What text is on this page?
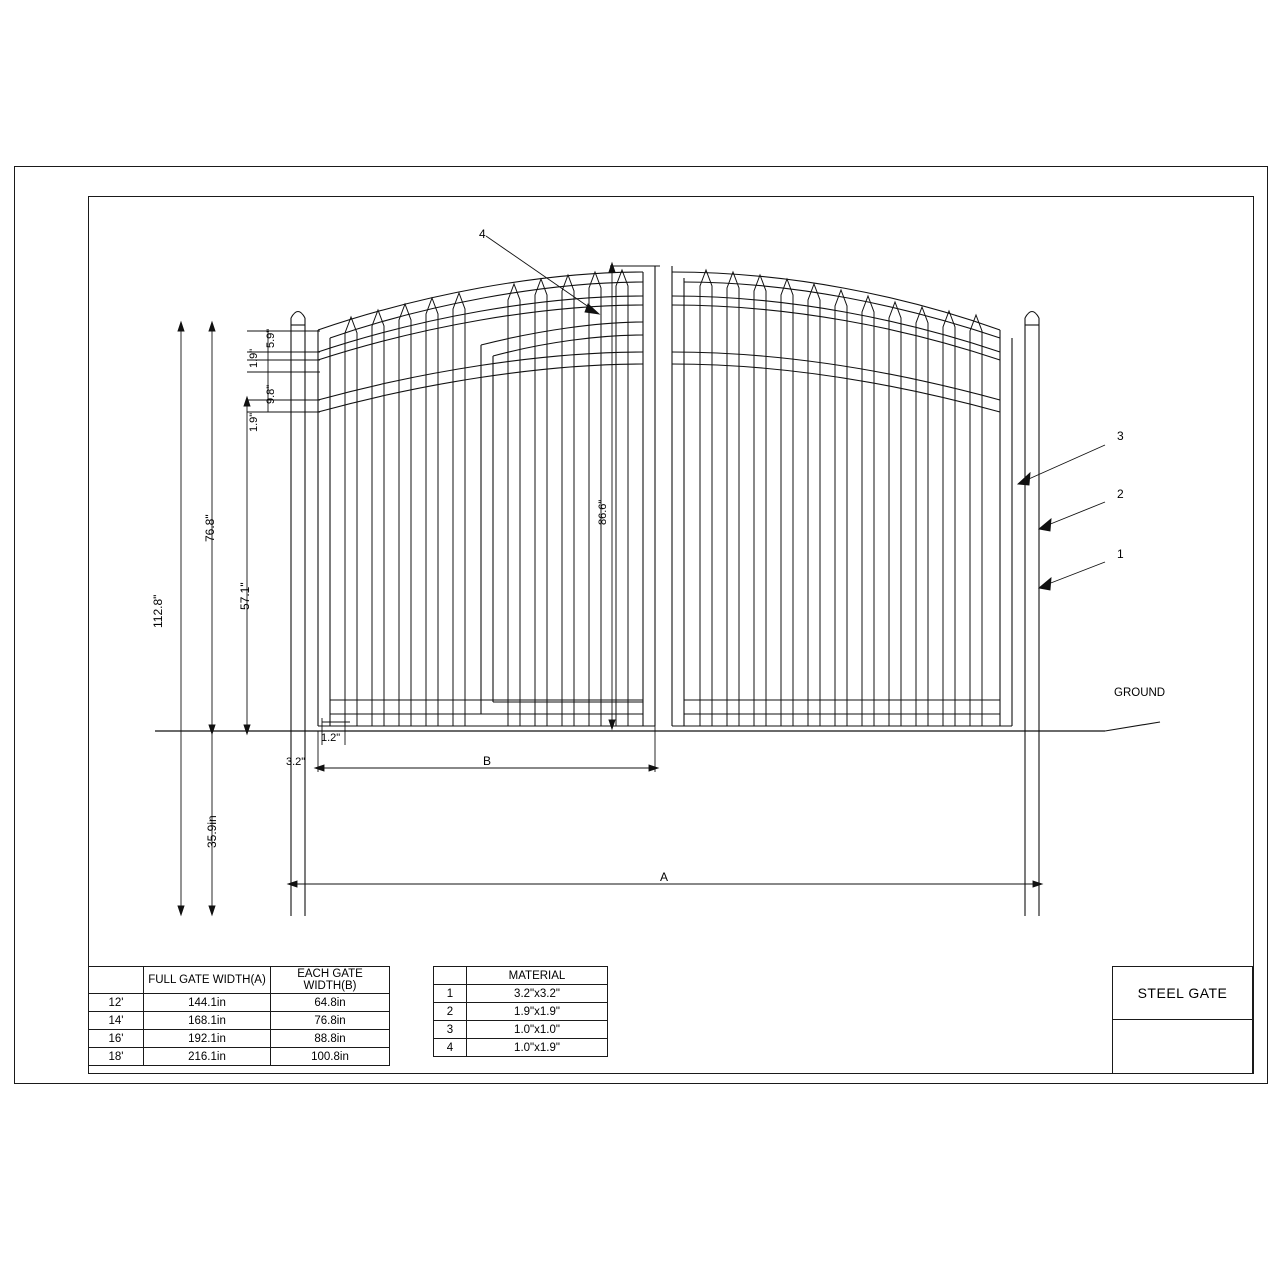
112.8"
76.8"
57.1"
35.9in
5.9"
1.9"
9.8"
1.9"
86.6"
1.2"
3.2"	B
A
GROUND
4
3
2
1
	FULL GATE WIDTH(A)	EACH GATE WIDTH(B)
12'	144.1in	64.8in
14'	168.1in	76.8in
16'	192.1in	88.8in
18'	216.1in	100.8in
	MATERIAL
1	3.2"x3.2"
2	1.9"x1.9"
3	1.0"x1.0"
4	1.0"x1.9"
STEEL GATE
